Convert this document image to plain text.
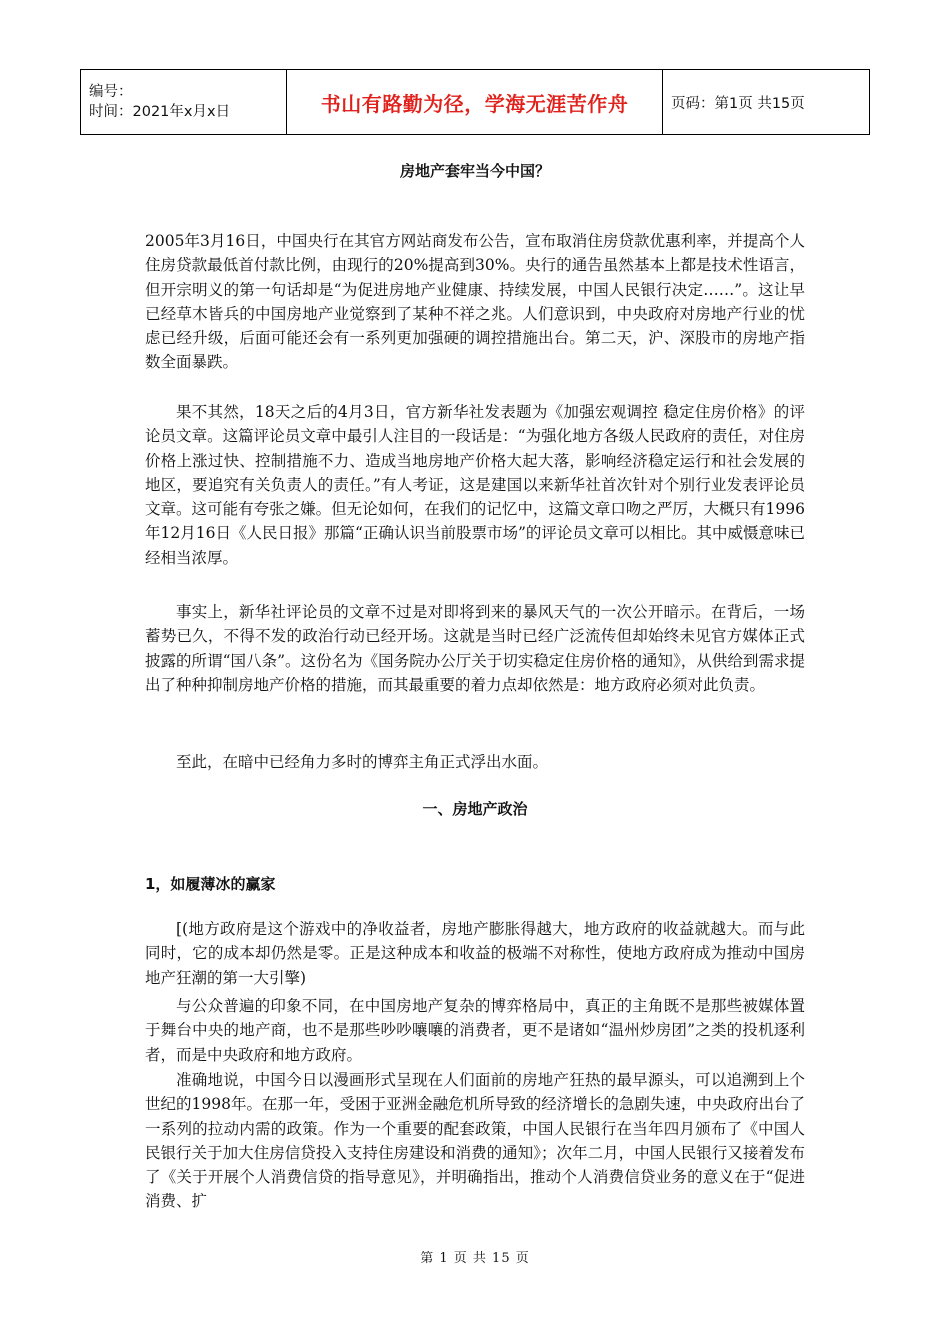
编号：
时间：2021年x月x日	书山有路勤为径，学海无涯苦作舟	页码：第1页 共15页
房地产套牢当今中国？

2005年3月16日，中国央行在其官方网站商发布公告，宣布取消住房贷款优惠利率，并提高个人住房贷款最低首付款比例，由现行的20%提高到30%。央行的通告虽然基本上都是技术性语言，但开宗明义的第一句话却是“为促进房地产业健康、持续发展，中国人民银行决定……”。这让早已经草木皆兵的中国房地产业觉察到了某种不祥之兆。人们意识到，中央政府对房地产行业的忧虑已经升级，后面可能还会有一系列更加强硬的调控措施出台。第二天，沪、深股市的房地产指数全面暴跌。

果不其然，18天之后的4月3日，官方新华社发表题为《加强宏观调控 稳定住房价格》的评论员文章。这篇评论员文章中最引人注目的一段话是：“为强化地方各级人民政府的责任，对住房价格上涨过快、控制措施不力、造成当地房地产价格大起大落，影响经济稳定运行和社会发展的地区，要追究有关负责人的责任。”有人考证，这是建国以来新华社首次针对个别行业发表评论员文章。这可能有夸张之嫌。但无论如何，在我们的记忆中，这篇文章口吻之严厉，大概只有1996年12月16日《人民日报》那篇“正确认识当前股票市场”的评论员文章可以相比。其中威慑意味已经相当浓厚。

事实上，新华社评论员的文章不过是对即将到来的暴风天气的一次公开暗示。在背后，一场蓄势已久，不得不发的政治行动已经开场。这就是当时已经广泛流传但却始终未见官方媒体正式披露的所谓“国八条”。这份名为《国务院办公厅关于切实稳定住房价格的通知》，从供给到需求提出了种种抑制房地产价格的措施，而其最重要的着力点却依然是：地方政府必须对此负责。

至此，在暗中已经角力多时的博弈主角正式浮出水面。

一、房地产政治
1，如履薄冰的赢家

[(地方政府是这个游戏中的净收益者，房地产膨胀得越大，地方政府的收益就越大。而与此同时，它的成本却仍然是零。正是这种成本和收益的极端不对称性，使地方政府成为推动中国房地产狂潮的第一大引擎)

与公众普遍的印象不同，在中国房地产复杂的博弈格局中，真正的主角既不是那些被媒体置于舞台中央的地产商，也不是那些吵吵嚷嚷的消费者，更不是诸如“温州炒房团”之类的投机逐利者，而是中央政府和地方政府。

准确地说，中国今日以漫画形式呈现在人们面前的房地产狂热的最早源头，可以追溯到上个世纪的1998年。在那一年，受困于亚洲金融危机所导致的经济增长的急剧失速，中央政府出台了一系列的拉动内需的政策。作为一个重要的配套政策，中国人民银行在当年四月颁布了《中国人民银行关于加大住房信贷投入支持住房建设和消费的通知》；次年二月，中国人民银行又接着发布了《关于开展个人消费信贷的指导意见》，并明确指出，推动个人消费信贷业务的意义在于“促进消费、扩

第 1 页 共 15 页
